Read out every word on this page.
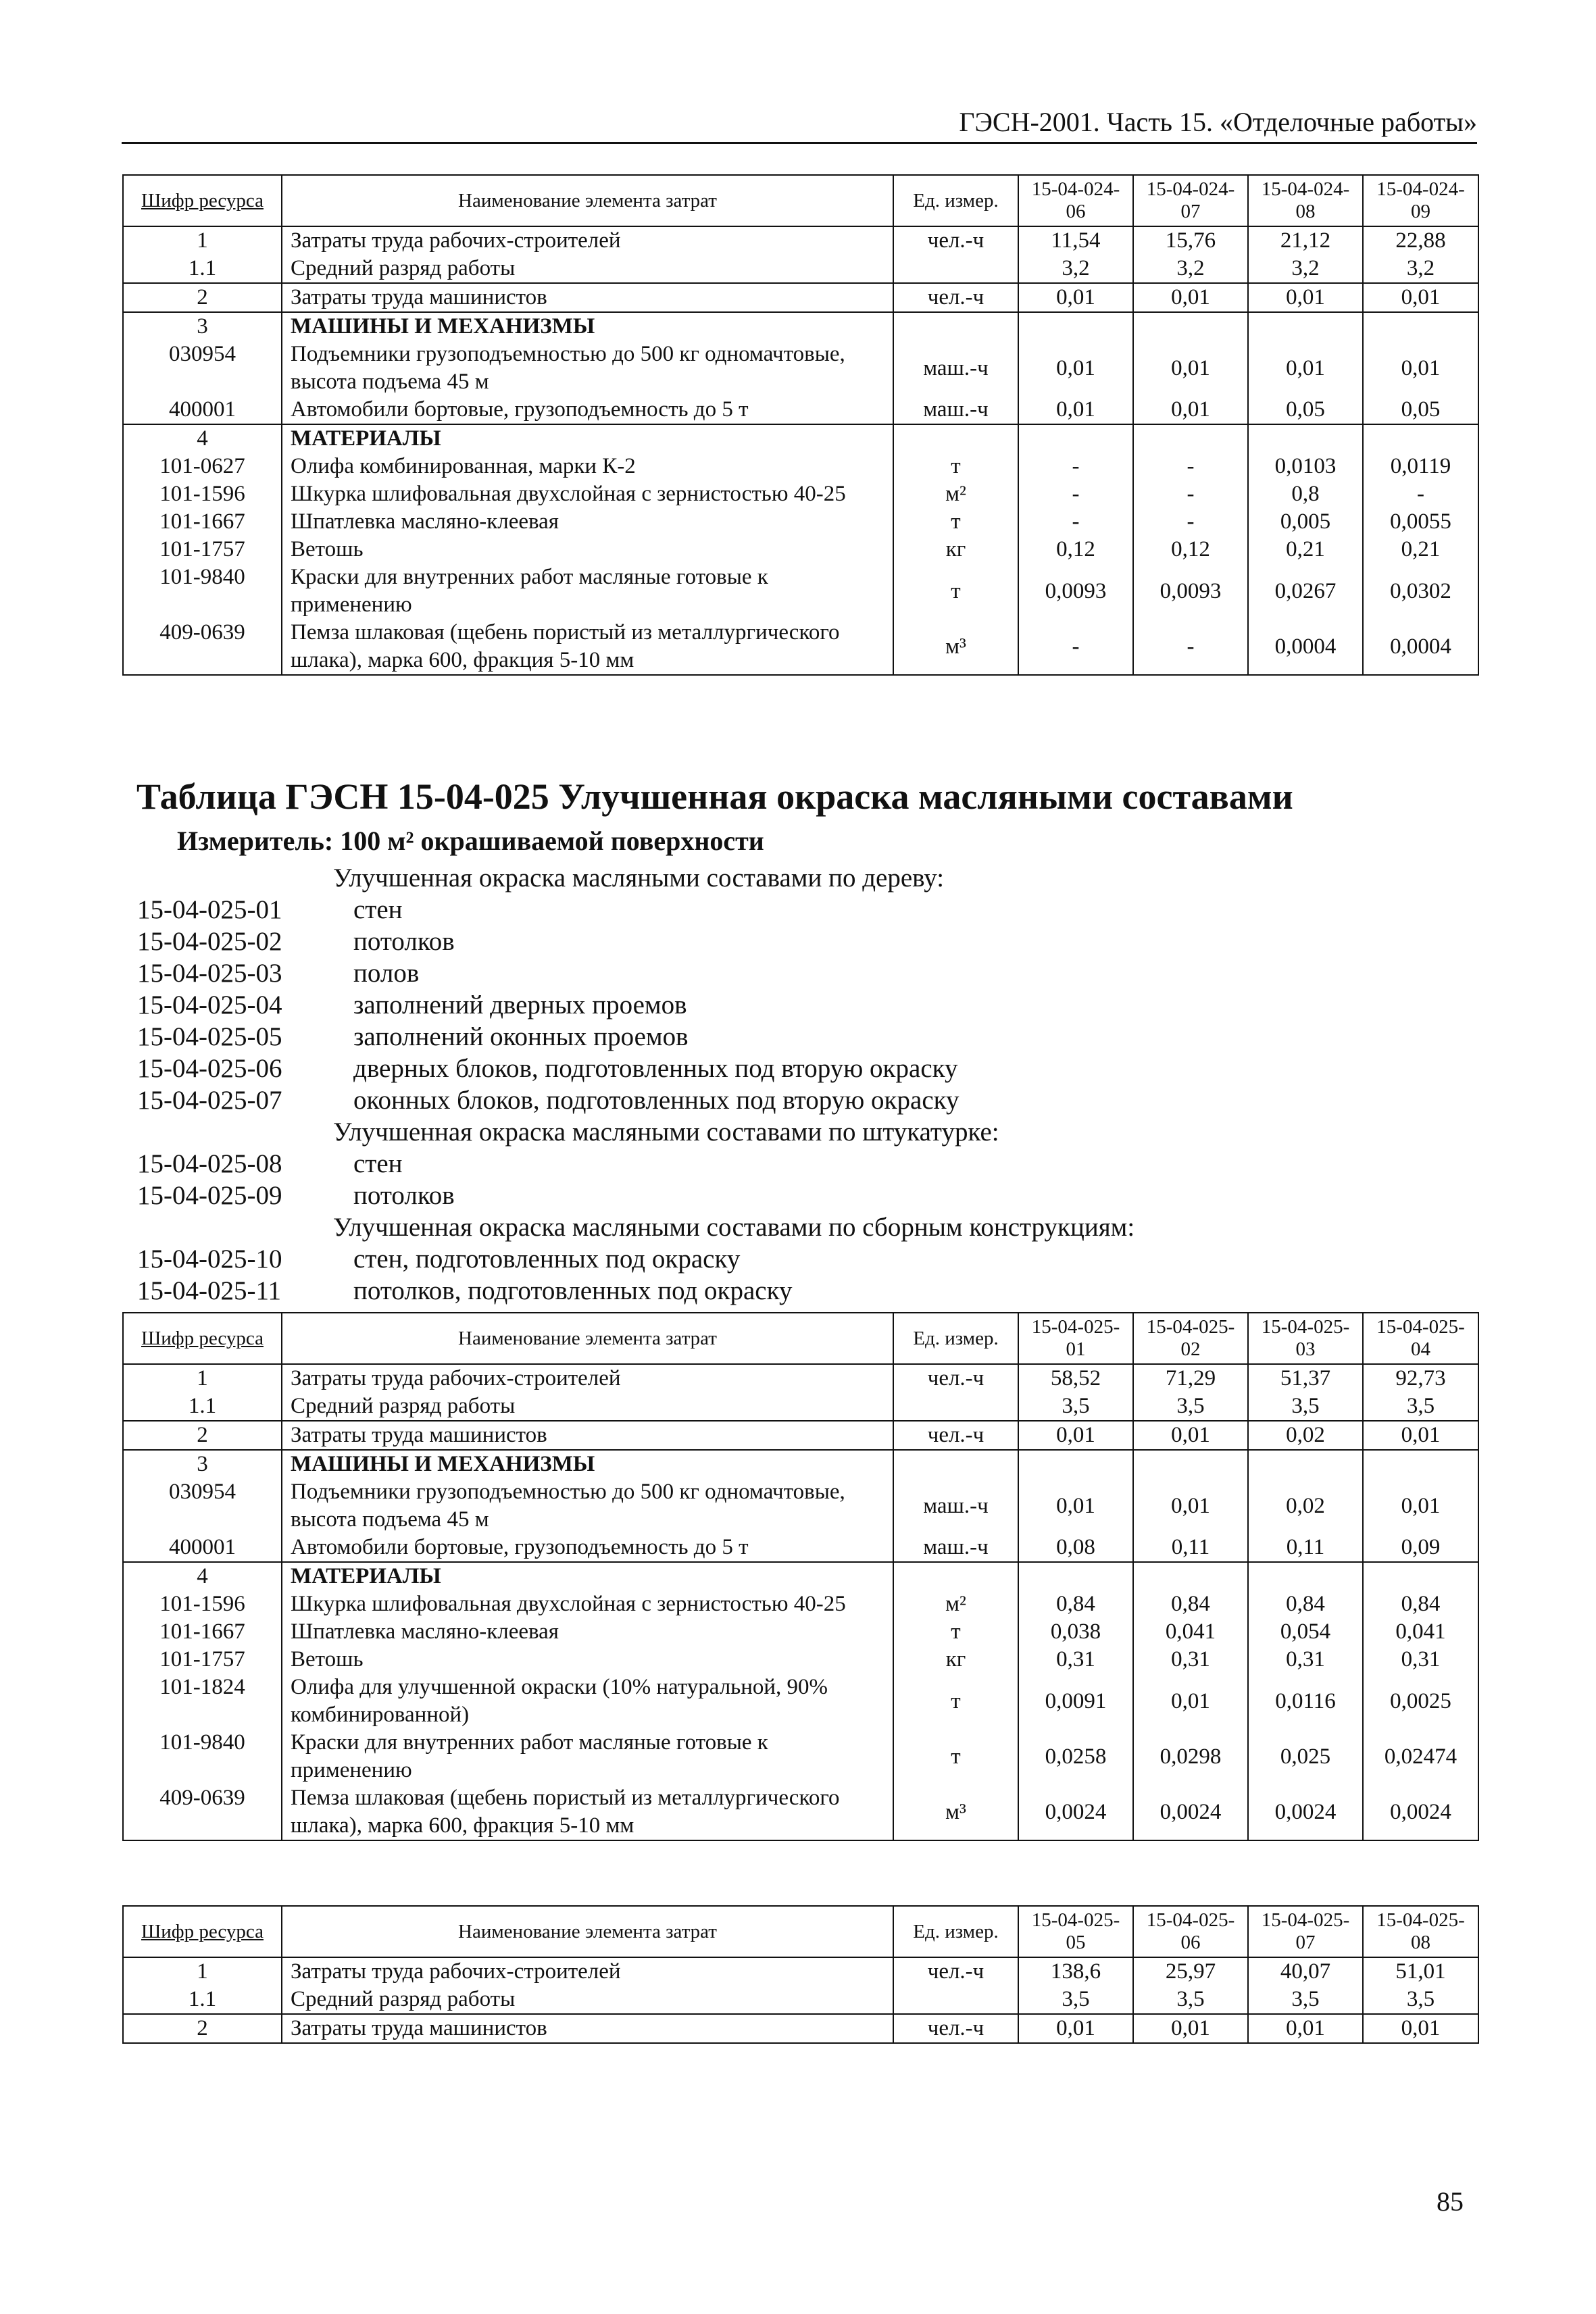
ГЭСН-2001. Часть 15. «Отделочные работы»
Шифр ресурса	Наименование элемента затрат	Ед. измер.	15-04-024-06	15-04-024-07	15-04-024-08	15-04-024-09
1	Затраты труда рабочих-строителей	чел.-ч	11,54	15,76	21,12	22,88
1.1	Средний разряд работы		3,2	3,2	3,2	3,2
2	Затраты труда машинистов	чел.-ч	0,01	0,01	0,01	0,01
3	МАШИНЫ И МЕХАНИЗМЫ					
030954	Подъемники грузоподъемностью до 500 кг одномачтовые, высота подъема 45 м	маш.-ч	0,01	0,01	0,01	0,01
400001	Автомобили бортовые, грузоподъемность до 5 т	маш.-ч	0,01	0,01	0,05	0,05
4	МАТЕРИАЛЫ					
101-0627	Олифа комбинированная, марки К-2	т	-	-	0,0103	0,0119
101-1596	Шкурка шлифовальная двухслойная с зернистостью 40-25	м²	-	-	0,8	-
101-1667	Шпатлевка масляно-клеевая	т	-	-	0,005	0,0055
101-1757	Ветошь	кг	0,12	0,12	0,21	0,21
101-9840	Краски для внутренних работ масляные готовые к применению	т	0,0093	0,0093	0,0267	0,0302
409-0639	Пемза шлаковая (щебень пористый из металлургического шлака), марка 600, фракция 5-10 мм	м³	-	-	0,0004	0,0004
Таблица ГЭСН 15-04-025 Улучшенная окраска масляными составами
Измеритель: 100 м² окрашиваемой поверхности
Улучшенная окраска масляными составами по дереву:
15-04-025-01	стен
15-04-025-02	потолков
15-04-025-03	полов
15-04-025-04	заполнений дверных проемов
15-04-025-05	заполнений оконных проемов
15-04-025-06	дверных блоков, подготовленных под вторую окраску
15-04-025-07	оконных блоков, подготовленных под вторую окраску
Улучшенная окраска масляными составами по штукатурке:
15-04-025-08	стен
15-04-025-09	потолков
Улучшенная окраска масляными составами по сборным конструкциям:
15-04-025-10	стен, подготовленных под окраску
15-04-025-11	потолков, подготовленных под окраску
Шифр ресурса	Наименование элемента затрат	Ед. измер.	15-04-025-01	15-04-025-02	15-04-025-03	15-04-025-04
1	Затраты труда рабочих-строителей	чел.-ч	58,52	71,29	51,37	92,73
1.1	Средний разряд работы		3,5	3,5	3,5	3,5
2	Затраты труда машинистов	чел.-ч	0,01	0,01	0,02	0,01
3	МАШИНЫ И МЕХАНИЗМЫ					
030954	Подъемники грузоподъемностью до 500 кг одномачтовые, высота подъема 45 м	маш.-ч	0,01	0,01	0,02	0,01
400001	Автомобили бортовые, грузоподъемность до 5 т	маш.-ч	0,08	0,11	0,11	0,09
4	МАТЕРИАЛЫ					
101-1596	Шкурка шлифовальная двухслойная с зернистостью 40-25	м²	0,84	0,84	0,84	0,84
101-1667	Шпатлевка масляно-клеевая	т	0,038	0,041	0,054	0,041
101-1757	Ветошь	кг	0,31	0,31	0,31	0,31
101-1824	Олифа для улучшенной окраски (10% натуральной, 90% комбинированной)	т	0,0091	0,01	0,0116	0,0025
101-9840	Краски для внутренних работ масляные готовые к применению	т	0,0258	0,0298	0,025	0,02474
409-0639	Пемза шлаковая (щебень пористый из металлургического шлака), марка 600, фракция 5-10 мм	м³	0,0024	0,0024	0,0024	0,0024
Шифр ресурса	Наименование элемента затрат	Ед. измер.	15-04-025-05	15-04-025-06	15-04-025-07	15-04-025-08
1	Затраты труда рабочих-строителей	чел.-ч	138,6	25,97	40,07	51,01
1.1	Средний разряд работы		3,5	3,5	3,5	3,5
2	Затраты труда машинистов	чел.-ч	0,01	0,01	0,01	0,01
85
